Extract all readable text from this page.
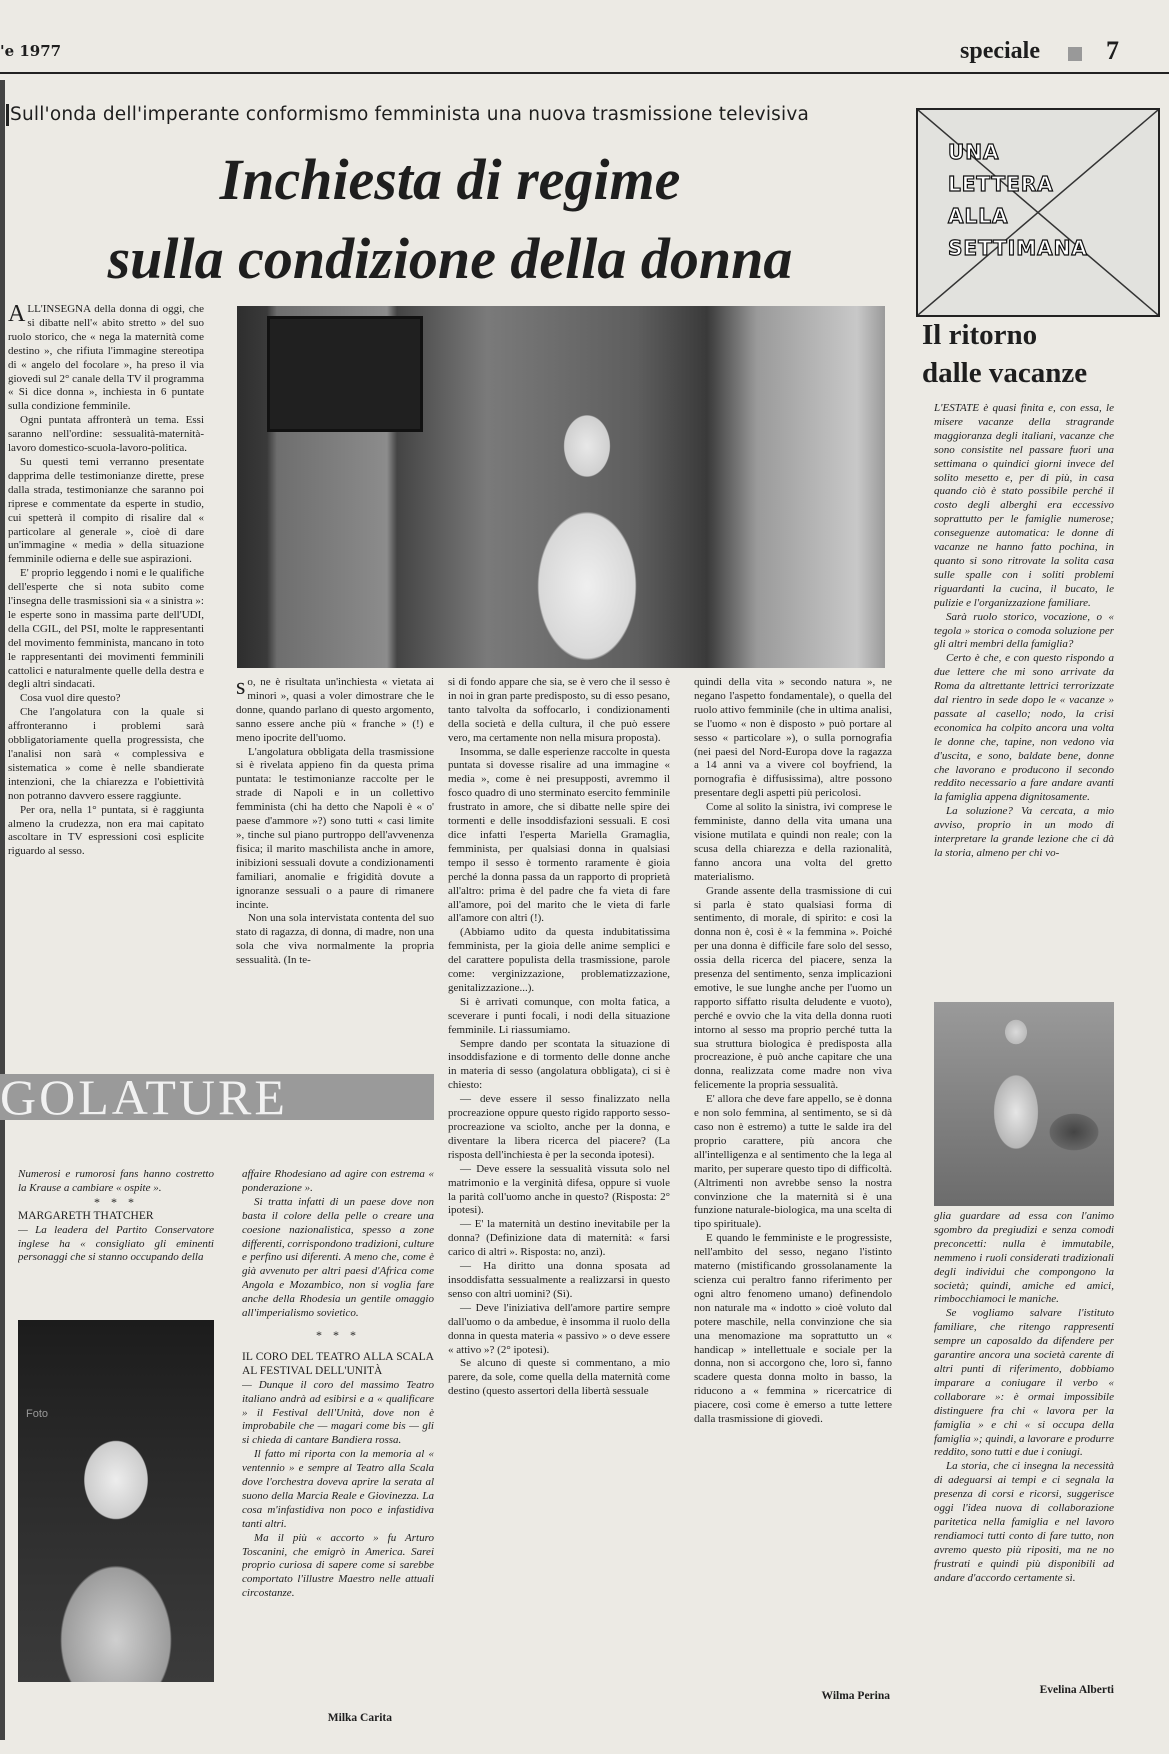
'e 1977	speciale	7
Sull'onda dell'imperante conformismo femminista una nuova trasmissione televisiva
Inchiesta di regime
sulla condizione della donna

ALL'INSEGNA della donna di oggi, che si dibatte nell'« abito stretto » del suo ruolo storico, che « nega la maternità come destino », che rifiuta l'immagine stereotipa di « angelo del focolare », ha preso il via giovedì sul 2° canale della TV il programma « Si dice donna », inchiesta in 6 puntate sulla condizione femminile.

Ogni puntata affronterà un tema. Essi saranno nell'ordine: sessualità-maternità-lavoro domestico-scuola-lavoro-politica.

Su questi temi verranno presentate dapprima delle testimonianze dirette, prese dalla strada, testimonianze che saranno poi riprese e commentate da esperte in studio, cui spetterà il compito di risalire dal « particolare al generale », cioè di dare un'immagine « media » della situazione femminile odierna e delle sue aspirazioni.

E' proprio leggendo i nomi e le qualifiche dell'esperte che si nota subito come l'insegna delle trasmissioni sia « a sinistra »: le esperte sono in massima parte dell'UDI, della CGIL, del PSI, molte le rappresentanti del movimento femminista, mancano in toto le rappresentanti dei movimenti femminili cattolici e naturalmente quelle della destra e degli altri sindacati.

Cosa vuol dire questo?

Che l'angolatura con la quale si affronteranno i problemi sarà obbligatoriamente quella progressista, che l'analisi non sarà « complessiva e sistematica » come è nelle sbandierate intenzioni, che la chiarezza e l'obiettività non potranno davvero essere raggiunte.

Per ora, nella 1° puntata, si è raggiunta almeno la crudezza, non era mai capitato ascoltare in TV espressioni così esplicite riguardo al sesso.

so, ne è risultata un'inchiesta « vietata ai minori », quasi a voler dimostrare che le donne, quando parlano di questo argomento, sanno essere anche più « franche » (!) e meno ipocrite dell'uomo.

L'angolatura obbligata della trasmissione si è rivelata appieno fin da questa prima puntata: le testimonianze raccolte per le strade di Napoli e in un collettivo femminista (chi ha detto che Napoli è « o' paese d'ammore »?) sono tutti « casi limite », tinche sul piano purtroppo dell'avvenenza fisica; il marito maschilista anche in amore, inibizioni sessuali dovute a condizionamenti familiari, anomalie e frigidità dovute a ignoranze sessuali o a paure di rimanere incinte.

Non una sola intervistata contenta del suo stato di ragazza, di donna, di madre, non una sola che viva normalmente la propria sessualità. (In te-

si di fondo appare che sia, se è vero che il sesso è in noi in gran parte predisposto, su di esso pesano, tanto talvolta da soffocarlo, i condizionamenti della società e della cultura, il che può essere vero, ma certamente non nella misura proposta).

Insomma, se dalle esperienze raccolte in questa puntata si dovesse risalire ad una immagine « media », come è nei presupposti, avremmo il fosco quadro di uno sterminato esercito femminile frustrato in amore, che si dibatte nelle spire dei tormenti e delle insoddisfazioni sessuali. E così dice infatti l'esperta Mariella Gramaglia, femminista, per qualsiasi donna in qualsiasi tempo il sesso è tormento raramente è gioia perché la donna passa da un rapporto di proprietà all'altro: prima è del padre che fa vieta di fare all'amore, poi del marito che le vieta di farle all'amore con altri (!).

(Abbiamo udito da questa indubitatissima femminista, per la gioia delle anime semplici e del carattere populista della trasmissione, parole come: verginizzazione, problematizzazione, genitalizzazione...).

Si è arrivati comunque, con molta fatica, a sceverare i punti focali, i nodi della situazione femminile. Li riassumiamo.

Sempre dando per scontata la situazione di insoddisfazione e di tormento delle donne anche in materia di sesso (angolatura obbligata), ci si è chiesto:

— deve essere il sesso finalizzato nella procreazione oppure questo rigido rapporto sesso-procreazione va sciolto, anche per la donna, e diventare la libera ricerca del piacere? (La risposta dell'inchiesta è per la seconda ipotesi).

— Deve essere la sessualità vissuta solo nel matrimonio e la verginità difesa, oppure si vuole la parità coll'uomo anche in questo? (Risposta: 2° ipotesi).

— E' la maternità un destino inevitabile per la donna? (Definizione data di maternità: « farsi carico di altri ». Risposta: no, anzi).

— Ha diritto una donna sposata ad insoddisfatta sessualmente a realizzarsi in questo senso con altri uomini? (Sì).

— Deve l'iniziativa dell'amore partire sempre dall'uomo o da ambedue, è insomma il ruolo della donna in questa materia « passivo » o deve essere « attivo »? (2° ipotesi).

Se alcuno di queste si commentano, a mio parere, da sole, come quella della maternità come destino (questo assertori della libertà sessuale

quindi della vita » secondo natura », ne negano l'aspetto fondamentale), o quella del ruolo attivo femminile (che in ultima analisi, se l'uomo « non è disposto » può portare al sesso « particolare »), o sulla pornografia (nei paesi del Nord-Europa dove la ragazza a 14 anni va a vivere col boyfriend, la pornografia è diffusissima), altre possono presentare degli aspetti più pericolosi.

Come al solito la sinistra, ivi comprese le femministe, danno della vita umana una visione mutilata e quindi non reale; con la scusa della chiarezza e della razionalità, fanno ancora una volta del gretto materialismo.

Grande assente della trasmissione di cui si parla è stato qualsiasi forma di sentimento, di morale, di spirito: e così la donna non è, così è « la femmina ». Poiché per una donna è difficile fare solo del sesso, ossia della ricerca del piacere, senza la presenza del sentimento, senza implicazioni emotive, le sue lunghe anche per l'uomo un rapporto siffatto risulta deludente e vuoto), perché e ovvio che la vita della donna ruoti intorno al sesso ma proprio perché tutta la sua struttura biologica è predisposta alla procreazione, è può anche capitare che una donna, realizzata come madre non viva felicemente la propria sessualità.

E' allora che deve fare appello, se è donna e non solo femmina, al sentimento, se si dà caso non è estremo) a tutte le salde ira del proprio carattere, più ancora che all'intelligenza e al sentimento che la lega al marito, per superare questo tipo di difficoltà. (Altrimenti non avrebbe senso la nostra convinzione che la maternità si è una funzione naturale-biologica, ma una scelta di tipo spirituale).

E quando le femministe e le progressiste, nell'ambito del sesso, negano l'istinto materno (mistificando grossolanamente la scienza cui peraltro fanno riferimento per ogni altro fenomeno umano) definendolo non naturale ma « indotto » cioè voluto dal potere maschile, nella convinzione che sia una menomazione ma soprattutto un « handicap » intellettuale e sociale per la donna, non si accorgono che, loro sì, fanno scadere questa donna molto in basso, la riducono a « femmina » ricercatrice di piacere, così come è emerso a tutte lettere dalla trasmissione di giovedì.

Wilma Perina
GOLATURE

Numerosi e rumorosi fans hanno costretto la Krause a cambiare « ospite ».

* * *

MARGARETH THATCHER

— La leadera del Partito Conservatore inglese ha « consigliato gli eminenti personaggi che si stanno occupando della

Foto

affaire Rhodesiano ad agire con estrema « ponderazione ».

Si tratta infatti di un paese dove non basta il colore della pelle o creare una coesione nazionalistica, spesso a zone differenti, corrispondono tradizioni, culture e perfino usi diferenti. A meno che, come è già avvenuto per altri paesi d'Africa come Angola e Mozambico, non si voglia fare anche della Rhodesia un gentile omaggio all'imperialismo sovietico.

* * *

IL CORO DEL TEATRO ALLA SCALA AL FESTIVAL DELL'UNITÀ

— Dunque il coro del massimo Teatro italiano andrà ad esibirsi e a « qualificare » il Festival dell'Unità, dove non è improbabile che — magari come bis — gli si chieda di cantare Bandiera rossa.

Il fatto mi riporta con la memoria al « ventennio » e sempre al Teatro alla Scala dove l'orchestra doveva aprire la serata al suono della Marcia Reale e Giovinezza. La cosa m'infastidiva non poco e infastidiva tanti altri.

Ma il più « accorto » fu Arturo Toscanini, che emigrò in America. Sarei proprio curiosa di sapere come si sarebbe comportato l'illustre Maestro nelle attuali circostanze.

Milka Carita
UNA
LETTERA
ALLA
SETTIMANA
Il ritorno
dalle vacanze

L'ESTATE è quasi finita e, con essa, le misere vacanze della stragrande maggioranza degli italiani, vacanze che sono consistite nel passare fuori una settimana o quindici giorni invece del solito mesetto e, per di più, in casa quando ciò è stato possibile perché il costo degli alberghi era eccessivo soprattutto per le famiglie numerose; conseguenze automatica: le donne di vacanze ne hanno fatto pochina, in quanto si sono ritrovate la solita casa sulle spalle con i soliti problemi riguardanti la cucina, il bucato, le pulizie e l'organizzazione familiare.

Sarà ruolo storico, vocazione, o « tegola » storica o comoda soluzione per gli altri membri della famiglia?

Certo è che, e con questo rispondo a due lettere che mi sono arrivate da Roma da altrettante lettrici terrorizzate dal rientro in sede dopo le « vacanze » passate al casello; nodo, la crisi economica ha colpito ancora una volta le donne che, tapine, non vedono via d'uscita, e sono, baldate bene, donne che lavorano e producono il secondo reddito necessario a fare andare avanti la famiglia appena dignitosamente.

La soluzione? Va cercata, a mio avviso, proprio in un modo di interpretare la grande lezione che ci dà la storia, almeno per chi vo-

glia guardare ad essa con l'animo sgombro da pregiudizi e senza comodi preconcetti: nulla è immutabile, nemmeno i ruoli considerati tradizionali degli individui che compongono la società; quindi, amiche ed amici, rimbocchiamoci le maniche.

Se vogliamo salvare l'istituto familiare, che ritengo rappresenti sempre un caposaldo da difendere per garantire ancora una società carente di altri punti di riferimento, dobbiamo imparare a coniugare il verbo « collaborare »: è ormai impossibile distinguere fra chi « lavora per la famiglia » e chi « si occupa della famiglia »; quindi, a lavorare e produrre reddito, sono tutti e due i coniugi.

La storia, che ci insegna la necessità di adeguarsi ai tempi e ci segnala la presenza di corsi e ricorsi, suggerisce oggi l'idea nuova di collaborazione paritetica nella famiglia e nel lavoro rendiamoci tutti conto di fare tutto, non avremo questo più ripositi, ma ne no frustrati e quindi più disponibili ad andare d'accordo certamente sì.

Evelina Alberti
